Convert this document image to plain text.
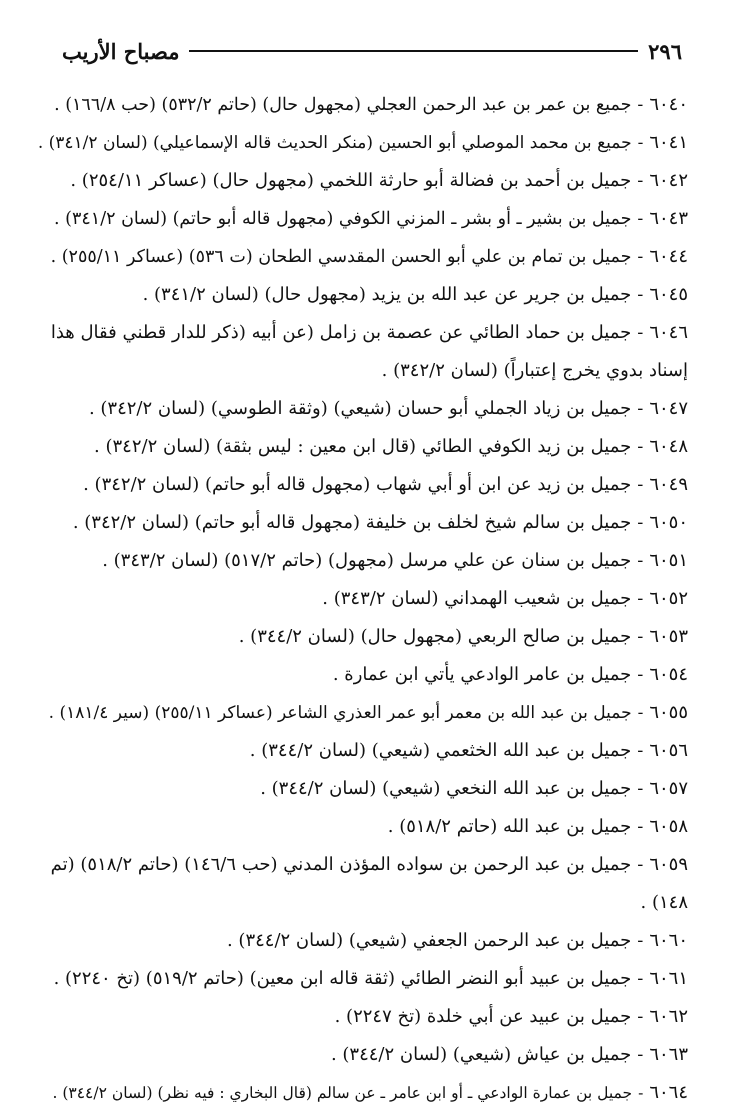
٢٩٦
مصباح الأريب
٦٠٤٠-جميع بن عمر بن عبد الرحمن العجلي (مجهول حال) (حاتم ٥٣٢/٢) (حب ١٦٦/٨) .
٦٠٤١-جميع بن محمد الموصلي أبو الحسين (منكر الحديث قاله الإسماعيلي) (لسان ٣٤١/٢) .
٦٠٤٢-جميل بن أحمد بن فضالة أبو حارثة اللخمي (مجهول حال) (عساكر ٢٥٤/١١) .
٦٠٤٣-جميل بن بشير ـ أو بشر ـ المزني الكوفي (مجهول قاله أبو حاتم) (لسان ٣٤١/٢) .
٦٠٤٤-جميل بن تمام بن علي أبو الحسن المقدسي الطحان (ت ٥٣٦) (عساكر ٢٥٥/١١) .
٦٠٤٥-جميل بن جرير عن عبد الله بن يزيد (مجهول حال) (لسان ٣٤١/٢) .
٦٠٤٦-جميل بن حماد الطائي عن عصمة بن زامل (عن أبيه (ذكر للدار قطني فقال هذا إسناد بدوي يخرج إعتباراً) (لسان ٣٤٢/٢) .
٦٠٤٧-جميل بن زياد الجملي أبو حسان (شيعي) (وثقة الطوسي) (لسان ٣٤٢/٢) .
٦٠٤٨-جميل بن زيد الكوفي الطائي (قال ابن معين : ليس بثقة) (لسان ٣٤٢/٢) .
٦٠٤٩-جميل بن زيد عن ابن أو أبي شهاب (مجهول قاله أبو حاتم) (لسان ٣٤٢/٢) .
٦٠٥٠-جميل بن سالم شيخ لخلف بن خليفة (مجهول قاله أبو حاتم) (لسان ٣٤٢/٢) .
٦٠٥١-جميل بن سنان عن علي مرسل (مجهول) (حاتم ٥١٧/٢) (لسان ٣٤٣/٢) .
٦٠٥٢-جميل بن شعيب الهمداني (لسان ٣٤٣/٢) .
٦٠٥٣-جميل بن صالح الربعي (مجهول حال) (لسان ٣٤٤/٢) .
٦٠٥٤-جميل بن عامر الوادعي يأتي ابن عمارة .
٦٠٥٥-جميل بن عبد الله بن معمر أبو عمر العذري الشاعر (عساكر ٢٥٥/١١) (سير ١٨١/٤) .
٦٠٥٦-جميل بن عبد الله الخثعمي (شيعي) (لسان ٣٤٤/٢) .
٦٠٥٧-جميل بن عبد الله النخعي (شيعي) (لسان ٣٤٤/٢) .
٦٠٥٨-جميل بن عبد الله (حاتم ٥١٨/٢) .
٦٠٥٩-جميل بن عبد الرحمن بن سواده المؤذن المدني (حب ١٤٦/٦) (حاتم ٥١٨/٢) (تم ١٤٨) .
٦٠٦٠-جميل بن عبد الرحمن الجعفي (شيعي) (لسان ٣٤٤/٢) .
٦٠٦١-جميل بن عبيد أبو النضر الطائي (ثقة قاله ابن معين) (حاتم ٥١٩/٢) (تخ ٢٢٤٠) .
٦٠٦٢-جميل بن عبيد عن أبي خلدة (تخ ٢٢٤٧) .
٦٠٦٣-جميل بن عياش (شيعي) (لسان ٣٤٤/٢) .
٦٠٦٤-جميل بن عمارة الوادعي ـ أو ابن عامر ـ عن سالم (قال البخاري : فيه نظر) (لسان ٣٤٤/٢) .
